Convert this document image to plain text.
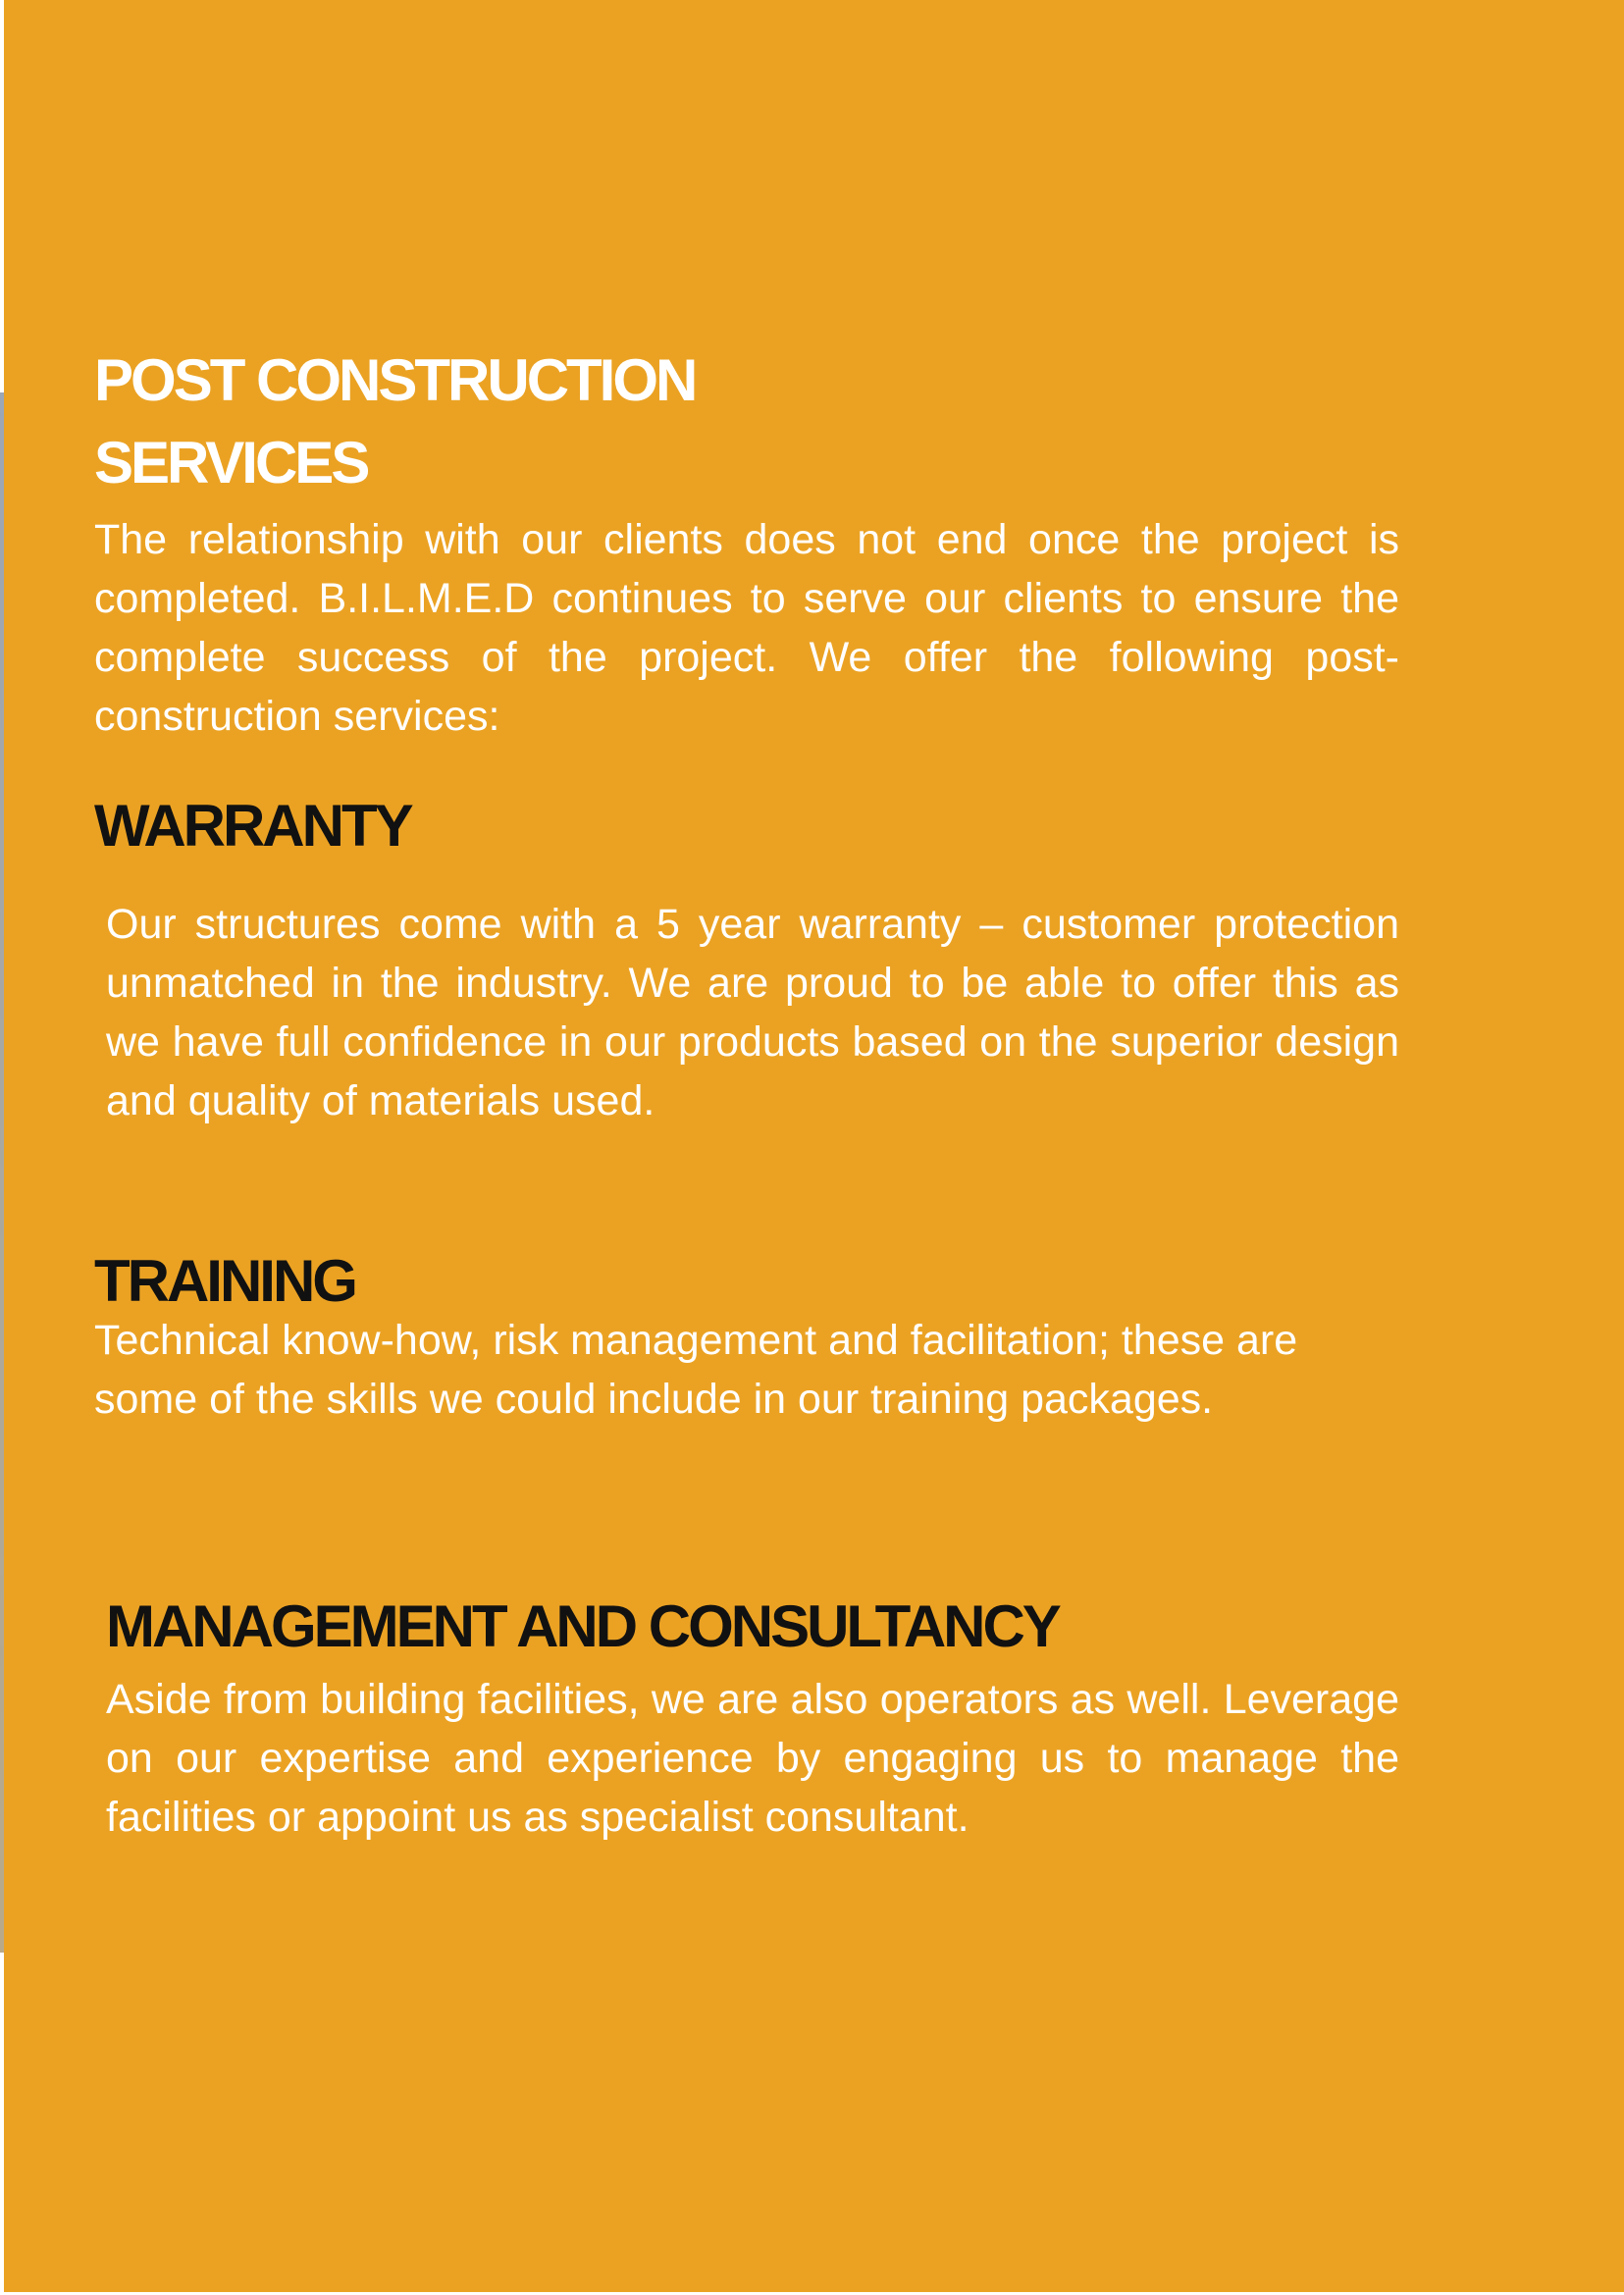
POST CONSTRUCTION
SERVICES

The relationship with our clients does not end once the project is completed. B.I.L.M.E.D continues to serve our clients to ensure the complete success of the project. We offer the following post-construction services:

WARRANTY

Our structures come with a 5 year warranty – customer protection unmatched in the industry. We are proud to be able to offer this as we have full confidence in our products based on the superior design and quality of materials used.

TRAINING

Technical know-how, risk management and facilitation; these are some of the skills we could include in our training packages.

MANAGEMENT AND CONSULTANCY

Aside from building facilities, we are also operators as well. Leverage on our expertise and experience by engaging us to manage the facilities or appoint us as specialist consultant.
